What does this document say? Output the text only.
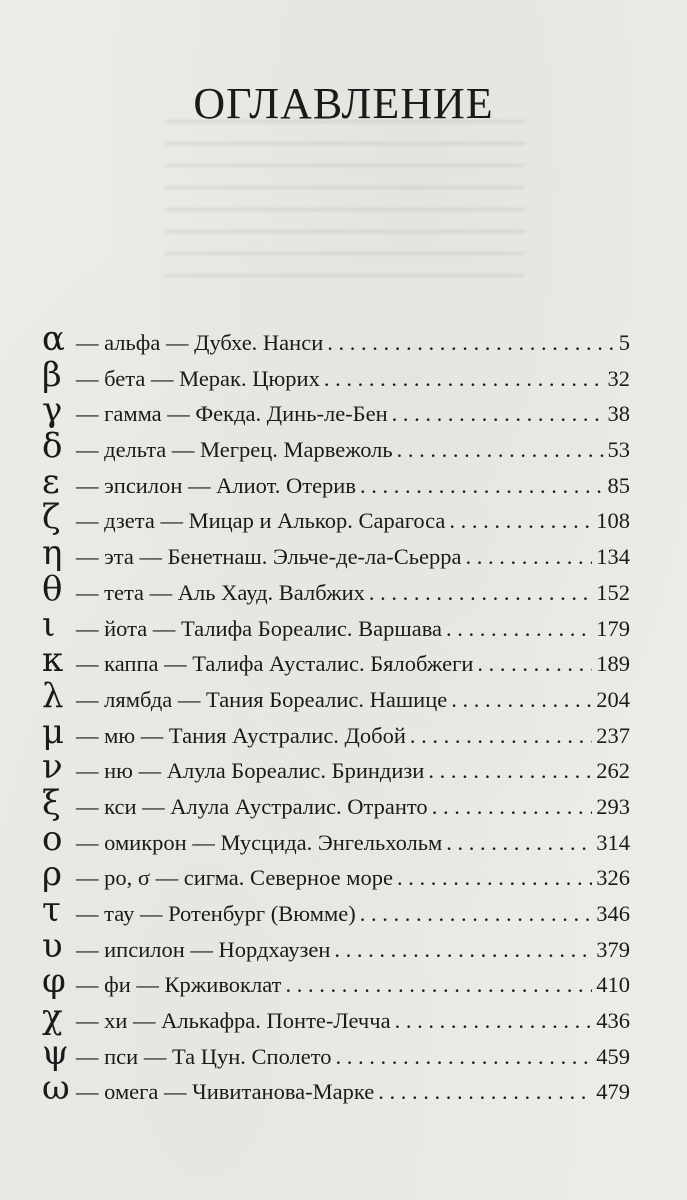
ОГЛАВЛЕНИЕ
α — альфа — Дубхе. Нанси . . .	5
β — бета — Мерак. Цюрих . . .	32
γ — гамма — Фекда. Динь-ле-Бен . . .	38
δ — дельта — Мегрец. Марвежоль . . .	53
ε — эпсилон — Алиот. Отерив . . .	85
ζ — дзета — Мицар и Алькор. Сарагоса . . .	108
η — эта — Бенетнаш. Эльче-де-ла-Сьерра . . .	134
θ — тета — Аль Хауд. Валбжих . . .	152
ι — йота — Талифа Бореалис. Варшава . . .	179
κ — каппа — Талифа Аусталис. Бялобжеги . . .	189
λ — лямбда — Тания Бореалис. Нашице . . .	204
μ — мю — Тания Аустралис. Добой . . .	237
ν — ню — Алула Бореалис. Бриндизи . . .	262
ξ — кси — Алула Аустралис. Отранто . . .	293
ο — омикрон — Мусцида. Энгельхольм . . .	314
ρ — ро, σ — сигма. Северное море . . .	326
τ — тау — Ротенбург (Вюмме) . . .	346
υ — ипсилон — Нордхаузен . . .	379
φ — фи — Крживоклат . . .	410
χ — хи — Алькафра. Понте-Лечча . . .	436
ψ — пси — Та Цун. Сполето . . .	459
ω — омега — Чивитанова-Марке . . .	479
